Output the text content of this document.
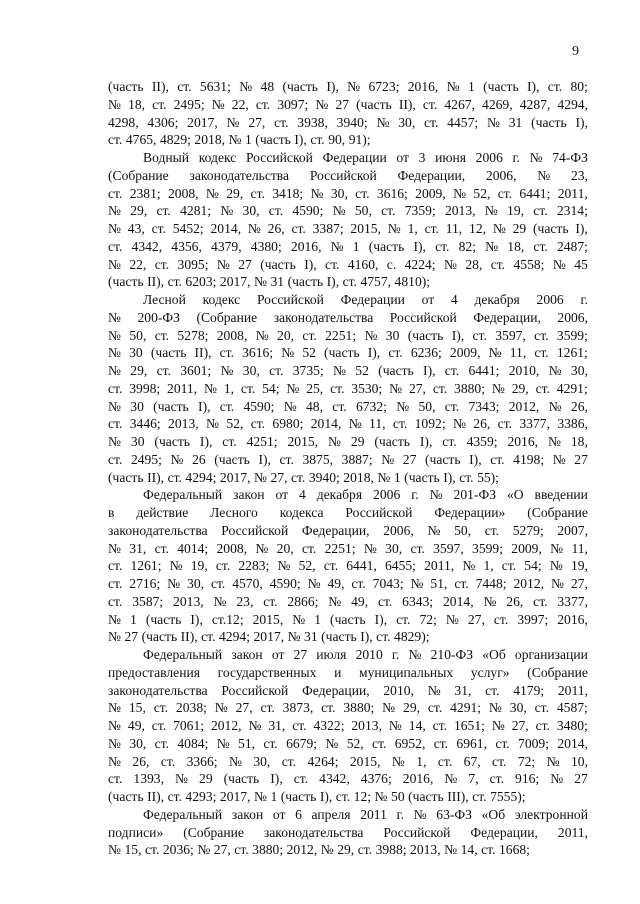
9
(часть II), ст. 5631; № 48 (часть I), № 6723; 2016, № 1 (часть I), ст. 80;
№ 18, ст. 2495; № 22, ст. 3097; № 27 (часть II), ст. 4267, 4269, 4287, 4294,
4298, 4306; 2017, № 27, ст. 3938, 3940; № 30, ст. 4457; № 31 (часть I),
ст. 4765, 4829; 2018, № 1 (часть I), ст. 90, 91);
Водный кодекс Российской Федерации от 3 июня 2006 г. № 74-ФЗ
(Собрание законодательства Российской Федерации, 2006, № 23,
ст. 2381; 2008, № 29, ст. 3418; № 30, ст. 3616; 2009, № 52, ст. 6441; 2011,
№ 29, ст. 4281; № 30, ст. 4590; № 50, ст. 7359; 2013, № 19, ст. 2314;
№ 43, ст. 5452; 2014, № 26, ст. 3387; 2015, № 1, ст. 11, 12, № 29 (часть I),
ст. 4342, 4356, 4379, 4380; 2016, № 1 (часть I), ст. 82; № 18, ст. 2487;
№ 22, ст. 3095; № 27 (часть I), ст. 4160, с. 4224; № 28, ст. 4558; № 45
(часть II), ст. 6203; 2017, № 31 (часть I), ст. 4757, 4810);
Лесной кодекс Российской Федерации от 4 декабря 2006 г.
№ 200-ФЗ (Собрание законодательства Российской Федерации, 2006,
№ 50, ст. 5278; 2008, № 20, ст. 2251; № 30 (часть I), ст. 3597, ст. 3599;
№ 30 (часть II), ст. 3616; № 52 (часть I), ст. 6236; 2009, № 11, ст. 1261;
№ 29, ст. 3601; № 30, ст. 3735; № 52 (часть I), ст. 6441; 2010, № 30,
ст. 3998; 2011, № 1, ст. 54; № 25, ст. 3530; № 27, ст. 3880; № 29, ст. 4291;
№ 30 (часть I), ст. 4590; № 48, ст. 6732; № 50, ст. 7343; 2012, № 26,
ст. 3446; 2013, № 52, ст. 6980; 2014, № 11, ст. 1092; № 26, ст. 3377, 3386,
№ 30 (часть I), ст. 4251; 2015, № 29 (часть I), ст. 4359; 2016, № 18,
ст. 2495; № 26 (часть I), ст. 3875, 3887; № 27 (часть I), ст. 4198; № 27
(часть II), ст. 4294; 2017, № 27, ст. 3940; 2018, № 1 (часть I), ст. 55);
Федеральный закон от 4 декабря 2006 г. № 201-ФЗ «О введении
в действие Лесного кодекса Российской Федерации» (Собрание
законодательства Российской Федерации, 2006, № 50, ст. 5279; 2007,
№ 31, ст. 4014; 2008, № 20, ст. 2251; № 30, ст. 3597, 3599; 2009, № 11,
ст. 1261; № 19, ст. 2283; № 52, ст. 6441, 6455; 2011, № 1, ст. 54; № 19,
ст. 2716; № 30, ст. 4570, 4590; № 49, ст. 7043; № 51, ст. 7448; 2012, № 27,
ст. 3587; 2013, № 23, ст. 2866; № 49, ст. 6343; 2014, № 26, ст. 3377,
№ 1 (часть I), ст.12; 2015, № 1 (часть I), ст. 72; № 27, ст. 3997; 2016,
№ 27 (часть II), ст. 4294; 2017, № 31 (часть I), ст. 4829);
Федеральный закон от 27 июля 2010 г. № 210-ФЗ «Об организации
предоставления государственных и муниципальных услуг» (Собрание
законодательства Российской Федерации, 2010, № 31, ст. 4179; 2011,
№ 15, ст. 2038; № 27, ст. 3873, ст. 3880; № 29, ст. 4291; № 30, ст. 4587;
№ 49, ст. 7061; 2012, № 31, ст. 4322; 2013, № 14, ст. 1651; № 27, ст. 3480;
№ 30, ст. 4084; № 51, ст. 6679; № 52, ст. 6952, ст. 6961, ст. 7009; 2014,
№ 26, ст. 3366; № 30, ст. 4264; 2015, № 1, ст. 67, ст. 72; № 10,
ст. 1393, № 29 (часть I), ст. 4342, 4376; 2016, № 7, ст. 916; № 27
(часть II), ст. 4293; 2017, № 1 (часть I), ст. 12; № 50 (часть III), ст. 7555);
Федеральный закон от 6 апреля 2011 г. № 63-ФЗ «Об электронной
подписи» (Собрание законодательства Российской Федерации, 2011,
№ 15, ст. 2036; № 27, ст. 3880; 2012, № 29, ст. 3988; 2013, № 14, ст. 1668;
